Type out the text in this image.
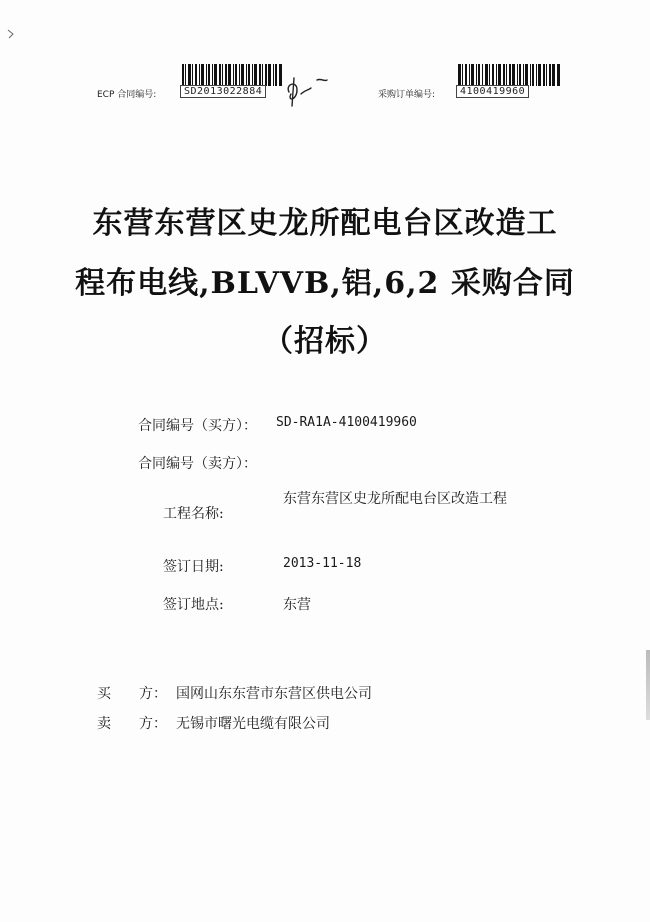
ECP 合同编号:	SD2013022884	采购订单编号:	4100419960
东营东营区史龙所配电台区改造工
程布电线,BLVVB,铝,6,2 采购合同
（招标）
合同编号（买方）： SD-RA1A-4100419960
合同编号（卖方）：
工程名称:
东营东营区史龙所配电台区改造工程
签订日期:	2013-11-18
签订地点:	东营
买　　方： 国网山东东营市东营区供电公司
卖　　方： 无锡市曙光电缆有限公司
